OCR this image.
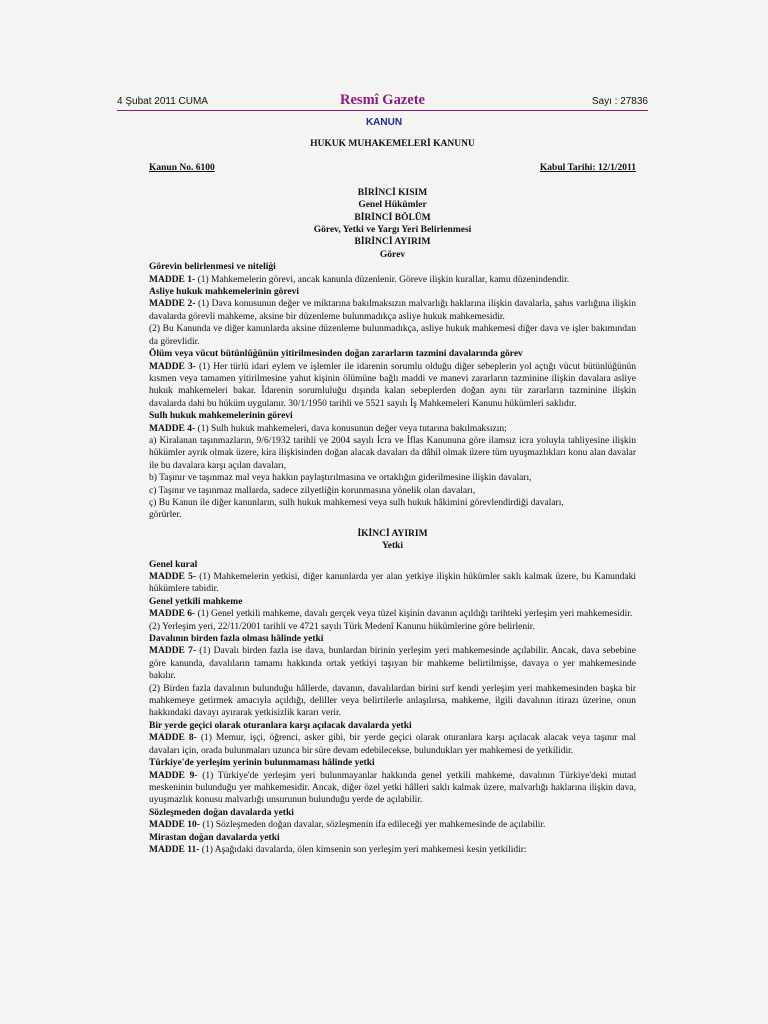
4 Şubat 2011 CUMA	Resmî Gazete	Sayı : 27836
KANUN
HUKUK MUHAKEMELERİ KANUNU
Kanun No. 6100	Kabul Tarihi: 12/1/2011
BİRİNCİ KISIM
Genel Hükümler
BİRİNCİ BÖLÜM
Görev, Yetki ve Yargı Yeri Belirlenmesi
BİRİNCİ AYIRIM
Görev
Görevin belirlenmesi ve niteliği
MADDE 1- (1) Mahkemelerin görevi, ancak kanunla düzenlenir. Göreve ilişkin kurallar, kamu düzenindendir.
Asliye hukuk mahkemelerinin görevi
MADDE 2- (1) Dava konusunun değer ve miktarına bakılmaksızın malvarlığı haklarına ilişkin davalarla, şahıs varlığına ilişkin davalarda görevli mahkeme, aksine bir düzenleme bulunmadıkça asliye hukuk mahkemesidir.
(2) Bu Kanunda ve diğer kanunlarda aksine düzenleme bulunmadıkça, asliye hukuk mahkemesi diğer dava ve işler bakımından da görevlidir.
Ölüm veya vücut bütünlüğünün yitirilmesinden doğan zararların tazmini davalarında görev
MADDE 3- (1) Her türlü idari eylem ve işlemler ile idarenin sorumlu olduğu diğer sebeplerin yol açtığı vücut bütünlüğünün kısmen veya tamamen yitirilmesine yahut kişinin ölümüne bağlı maddi ve manevi zararların tazminine ilişkin davalara asliye hukuk mahkemeleri bakar. İdarenin sorumluluğu dışında kalan sebeplerden doğan aynı tür zararların tazminine ilişkin davalarda dahi bu hüküm uygulanır. 30/1/1950 tarihli ve 5521 sayılı İş Mahkemeleri Kanunu hükümleri saklıdır.
Sulh hukuk mahkemelerinin görevi
MADDE 4- (1) Sulh hukuk mahkemeleri, dava konusunun değer veya tutarına bakılmaksızın;
a) Kiralanan taşınmazların, 9/6/1932 tarihli ve 2004 sayılı İcra ve İflas Kanununa göre ilamsız icra yoluyla tahliyesine ilişkin hükümler ayrık olmak üzere, kira ilişkisinden doğan alacak davaları da dâhil olmak üzere tüm uyuşmazlıkları konu alan davalar ile bu davalara karşı açılan davaları,
b) Taşınır ve taşınmaz mal veya hakkın paylaştırılmasına ve ortaklığın giderilmesine ilişkin davaları,
c) Taşınır ve taşınmaz mallarda, sadece zilyetliğin korunmasına yönelik olan davaları,
ç) Bu Kanun ile diğer kanunların, sulh hukuk mahkemesi veya sulh hukuk hâkimini görevlendirdiği davaları,
görürler.
İKİNCİ AYIRIM
Yetki
Genel kural
MADDE 5- (1) Mahkemelerin yetkisi, diğer kanunlarda yer alan yetkiye ilişkin hükümler saklı kalmak üzere, bu Kanundaki hükümlere tabidir.
Genel yetkili mahkeme
MADDE 6- (1) Genel yetkili mahkeme, davalı gerçek veya tüzel kişinin davanın açıldığı tarihteki yerleşim yeri mahkemesidir.
(2) Yerleşim yeri, 22/11/2001 tarihli ve 4721 sayılı Türk Medenî Kanunu hükümlerine göre belirlenir.
Davalının birden fazla olması hâlinde yetki
MADDE 7- (1) Davalı birden fazla ise dava, bunlardan birinin yerleşim yeri mahkemesinde açılabilir. Ancak, dava sebebine göre kanunda, davalıların tamamı hakkında ortak yetkiyi taşıyan bir mahkeme belirtilmişse, davaya o yer mahkemesinde bakılır.
(2) Birden fazla davalının bulunduğu hâllerde, davanın, davalılardan birini sırf kendi yerleşim yeri mahkemesinden başka bir mahkemeye getirmek amacıyla açıldığı, deliller veya belirtilerle anlaşılırsa, mahkeme, ilgili davalının itirazı üzerine, onun hakkındaki davayı ayırarak yetkisizlik kararı verir.
Bir yerde geçici olarak oturanlara karşı açılacak davalarda yetki
MADDE 8- (1) Memur, işçi, öğrenci, asker gibi, bir yerde geçici olarak oturanlara karşı açılacak alacak veya taşınır mal davaları için, orada bulunmaları uzunca bir süre devam edebilecekse, bulundukları yer mahkemesi de yetkilidir.
Türkiye'de yerleşim yerinin bulunmaması hâlinde yetki
MADDE 9- (1) Türkiye'de yerleşim yeri bulunmayanlar hakkında genel yetkili mahkeme, davalının Türkiye'deki mutad meskeninin bulunduğu yer mahkemesidir. Ancak, diğer özel yetki hâlleri saklı kalmak üzere, malvarlığı haklarına ilişkin dava, uyuşmazlık konusu malvarlığı unsurunun bulunduğu yerde de açılabilir.
Sözleşmeden doğan davalarda yetki
MADDE 10- (1) Sözleşmeden doğan davalar, sözleşmenin ifa edileceği yer mahkemesinde de açılabilir.
Mirastan doğan davalarda yetki
MADDE 11- (1) Aşağıdaki davalarda, ölen kimsenin son yerleşim yeri mahkemesi kesin yetkilidir:
